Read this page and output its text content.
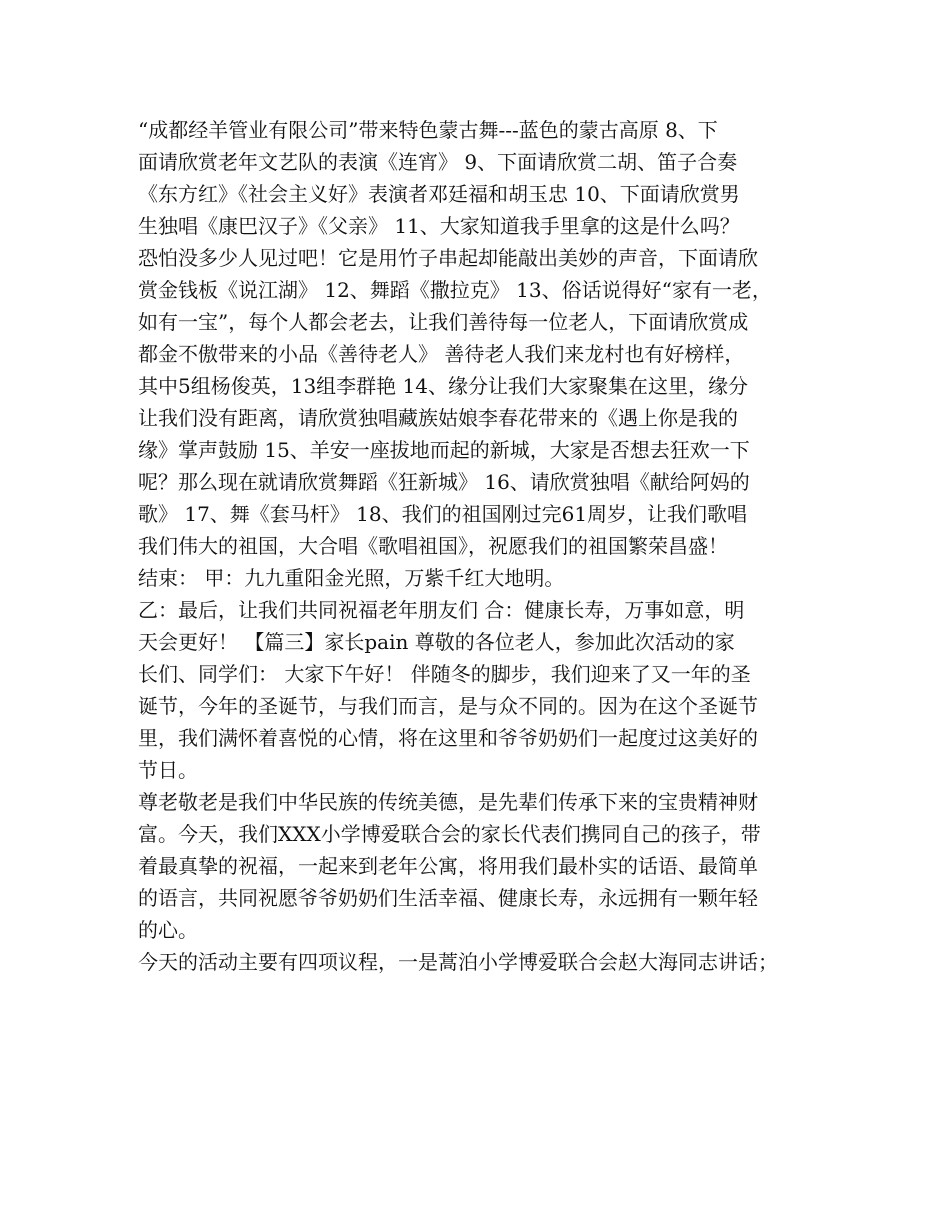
“成都经羊管业有限公司”带来特色蒙古舞---蓝色的蒙古高原 8、下
面请欣赏老年文艺队的表演《连宵》 9、下面请欣赏二胡、笛子合奏
《东方红》《社会主义好》表演者邓廷福和胡玉忠 10、下面请欣赏男
生独唱《康巴汉子》《父亲》 11、大家知道我手里拿的这是什么吗？
恐怕没多少人见过吧！它是用竹子串起却能敲出美妙的声音，下面请欣
赏金钱板《说江湖》 12、舞蹈《撒拉克》 13、俗话说得好“家有一老，
如有一宝”，每个人都会老去，让我们善待每一位老人，下面请欣赏成
都金不傲带来的小品《善待老人》 善待老人我们来龙村也有好榜样，
其中5组杨俊英，13组李群艳 14、缘分让我们大家聚集在这里，缘分
让我们没有距离，请欣赏独唱藏族姑娘李春花带来的《遇上你是我的
缘》掌声鼓励 15、羊安一座拔地而起的新城，大家是否想去狂欢一下
呢？那么现在就请欣赏舞蹈《狂新城》 16、请欣赏独唱《献给阿妈的
歌》 17、舞《套马杆》 18、我们的祖国刚过完61周岁，让我们歌唱
我们伟大的祖国，大合唱《歌唱祖国》，祝愿我们的祖国繁荣昌盛！
结束： 甲：九九重阳金光照，万紫千红大地明。
乙：最后，让我们共同祝福老年朋友们 合：健康长寿，万事如意，明
天会更好！ 【篇三】家长pain 尊敬的各位老人，参加此次活动的家
长们、同学们： 大家下午好！ 伴随冬的脚步，我们迎来了又一年的圣
诞节，今年的圣诞节，与我们而言，是与众不同的。因为在这个圣诞节
里，我们满怀着喜悦的心情，将在这里和爷爷奶奶们一起度过这美好的
节日。
尊老敬老是我们中华民族的传统美德，是先辈们传承下来的宝贵精神财
富。今天，我们XXX小学博爱联合会的家长代表们携同自己的孩子，带
着最真挚的祝福，一起来到老年公寓，将用我们最朴实的话语、最简单
的语言，共同祝愿爷爷奶奶们生活幸福、健康长寿，永远拥有一颗年轻
的心。
今天的活动主要有四项议程，一是蒿泊小学博爱联合会赵大海同志讲话；
